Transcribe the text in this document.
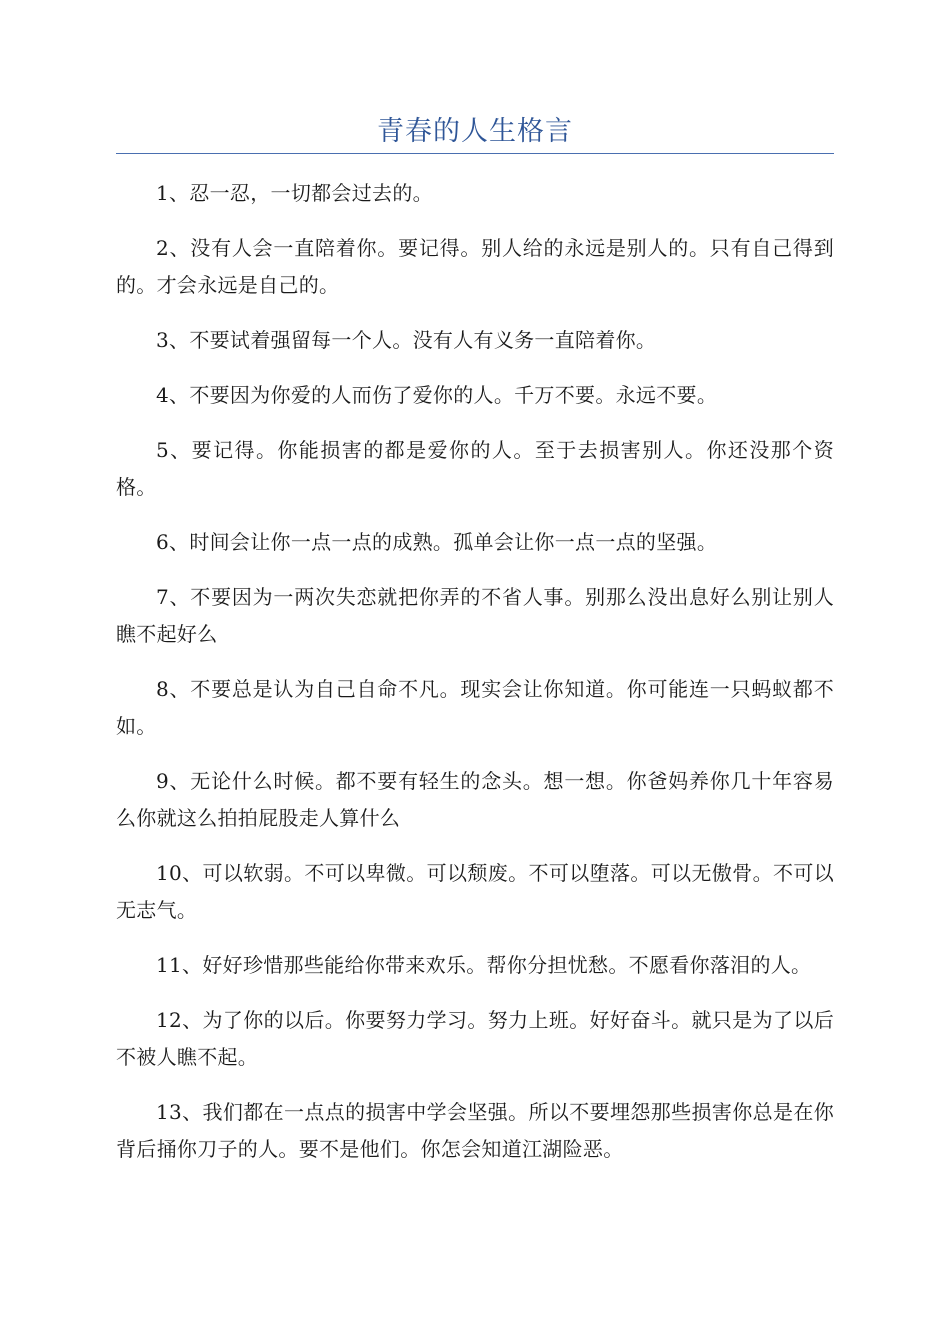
青春的人生格言

1、忍一忍，一切都会过去的。

2、没有人会一直陪着你。要记得。别人给的永远是别人的。只有自己得到的。才会永远是自己的。

3、不要试着强留每一个人。没有人有义务一直陪着你。

4、不要因为你爱的人而伤了爱你的人。千万不要。永远不要。

5、要记得。你能损害的都是爱你的人。至于去损害别人。你还没那个资格。

6、时间会让你一点一点的成熟。孤单会让你一点一点的坚强。

7、不要因为一两次失恋就把你弄的不省人事。别那么没出息好么别让别人瞧不起好么

8、不要总是认为自己自命不凡。现实会让你知道。你可能连一只蚂蚁都不如。

9、无论什么时候。都不要有轻生的念头。想一想。你爸妈养你几十年容易么你就这么拍拍屁股走人算什么

10、可以软弱。不可以卑微。可以颓废。不可以堕落。可以无傲骨。不可以无志气。

11、好好珍惜那些能给你带来欢乐。帮你分担忧愁。不愿看你落泪的人。

12、为了你的以后。你要努力学习。努力上班。好好奋斗。就只是为了以后不被人瞧不起。

13、我们都在一点点的损害中学会坚强。所以不要埋怨那些损害你总是在你背后捅你刀子的人。要不是他们。你怎会知道江湖险恶。
